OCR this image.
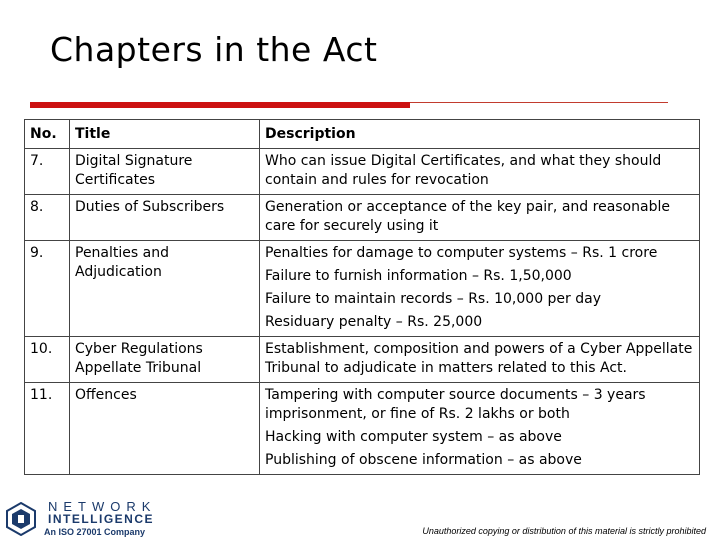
Chapters in the Act
No.	Title	Description
7.	Digital Signature Certificates	Who can issue Digital Certificates, and what they should contain and rules for revocation

8.	Duties of Subscribers	Generation or acceptance of the key pair, and reasonable care for securely using it

9.	Penalties and Adjudication	Penalties for damage to computer systems – Rs. 1 crore
Failure to furnish information – Rs. 1,50,000
Failure to maintain records – Rs. 10,000 per day
Residuary penalty – Rs. 25,000

10.	Cyber Regulations Appellate Tribunal	Establishment, composition and powers of a Cyber Appellate Tribunal to adjudicate in matters related to this Act.

11.	Offences	Tampering with computer source documents – 3 years imprisonment, or fine of Rs. 2 lakhs or both
Hacking with computer system – as above
Publishing of obscene information – as above
NETWORK
INTELLIGENCE
An ISO 27001 Company	Unauthorized copying or distribution of this material is strictly prohibited
